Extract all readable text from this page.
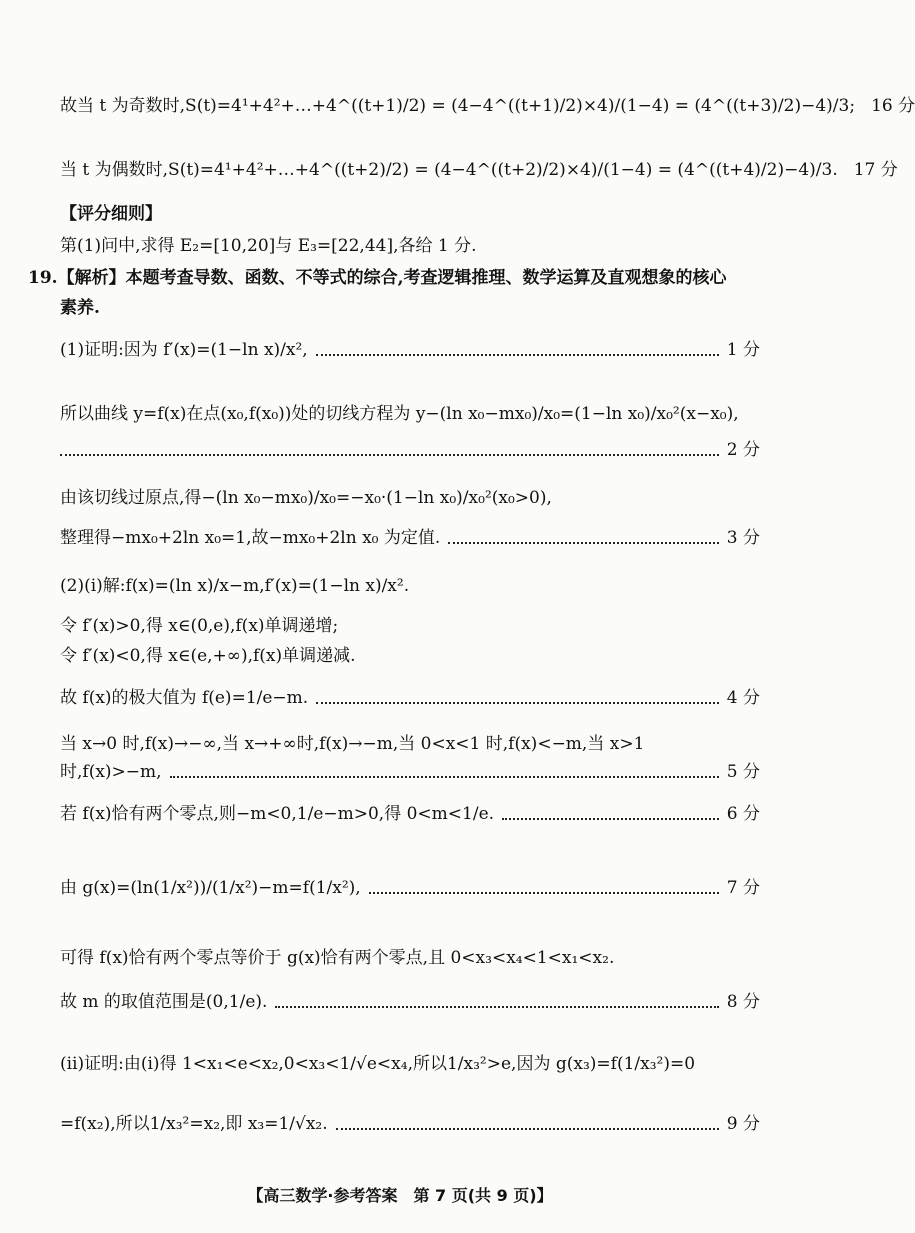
故当 t 为奇数时,S(t)=4¹+4²+…+4^((t+1)/2) = (4−4^((t+1)/2)×4)/(1−4) = (4^((t+3)/2)−4)/3; 16 分
当 t 为偶数时,S(t)=4¹+4²+…+4^((t+2)/2) = (4−4^((t+2)/2)×4)/(1−4) = (4^((t+4)/2)−4)/3. 17 分
【评分细则】
第(1)问中,求得 E₂=[10,20]与 E₃=[22,44],各给 1 分.
19.【解析】本题考查导数、函数、不等式的综合,考查逻辑推理、数学运算及直观想象的核心
素养.
(1)证明:因为 f′(x)=(1−ln x)/x²,	1 分
所以曲线 y=f(x)在点(x₀,f(x₀))处的切线方程为 y−(ln x₀−mx₀)/x₀=(1−ln x₀)/x₀²(x−x₀),
2 分
由该切线过原点,得−(ln x₀−mx₀)/x₀=−x₀·(1−ln x₀)/x₀²(x₀>0),
整理得−mx₀+2ln x₀=1,故−mx₀+2ln x₀ 为定值.	3 分
(2)(ⅰ)解:f(x)=(ln x)/x−m,f′(x)=(1−ln x)/x².
令 f′(x)>0,得 x∈(0,e),f(x)单调递增;
令 f′(x)<0,得 x∈(e,+∞),f(x)单调递减.
故 f(x)的极大值为 f(e)=1/e−m.	4 分
当 x→0 时,f(x)→−∞,当 x→+∞时,f(x)→−m,当 0<x<1 时,f(x)<−m,当 x>1
时,f(x)>−m,	5 分
若 f(x)恰有两个零点,则−m<0,1/e−m>0,得 0<m<1/e.	6 分
由 g(x)=(ln(1/x²))/(1/x²)−m=f(1/x²),	7 分
可得 f(x)恰有两个零点等价于 g(x)恰有两个零点,且 0<x₃<x₄<1<x₁<x₂.
故 m 的取值范围是(0,1/e).	8 分
(ⅱ)证明:由(ⅰ)得 1<x₁<e<x₂,0<x₃<1/√e<x₄,所以1/x₃²>e,因为 g(x₃)=f(1/x₃²)=0
=f(x₂),所以1/x₃²=x₂,即 x₃=1/√x₂.	9 分
【高三数学·参考答案　第 7 页(共 9 页)】
